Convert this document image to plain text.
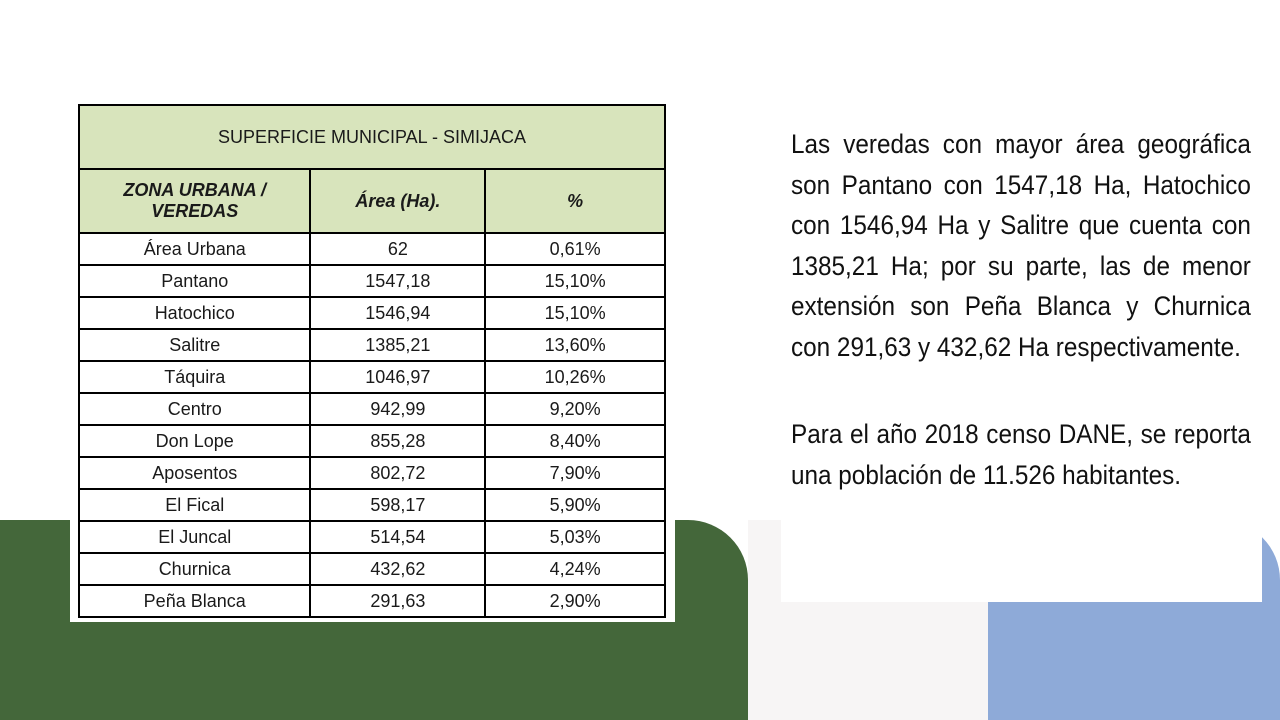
SUPERFICIE MUNICIPAL - SIMIJACA		
ZONA URBANA / VEREDAS	Área (Ha).	%
Área Urbana	62	0,61%
Pantano	1547,18	15,10%
Hatochico	1546,94	15,10%
Salitre	1385,21	13,60%
Táquira	1046,97	10,26%
Centro	942,99	9,20%
Don Lope	855,28	8,40%
Aposentos	802,72	7,90%
El Fical	598,17	5,90%
El Juncal	514,54	5,03%
Churnica	432,62	4,24%
Peña Blanca	291,63	2,90%

Las veredas con mayor área geográfica son Pantano con 1547,18 Ha, Hatochico con 1546,94 Ha y Salitre que cuenta con 1385,21 Ha; por su parte, las de menor extensión son Peña Blanca y Churnica con 291,63 y 432,62 Ha respectivamente.

Para el año 2018 censo DANE, se reporta una población de 11.526 habitantes.
